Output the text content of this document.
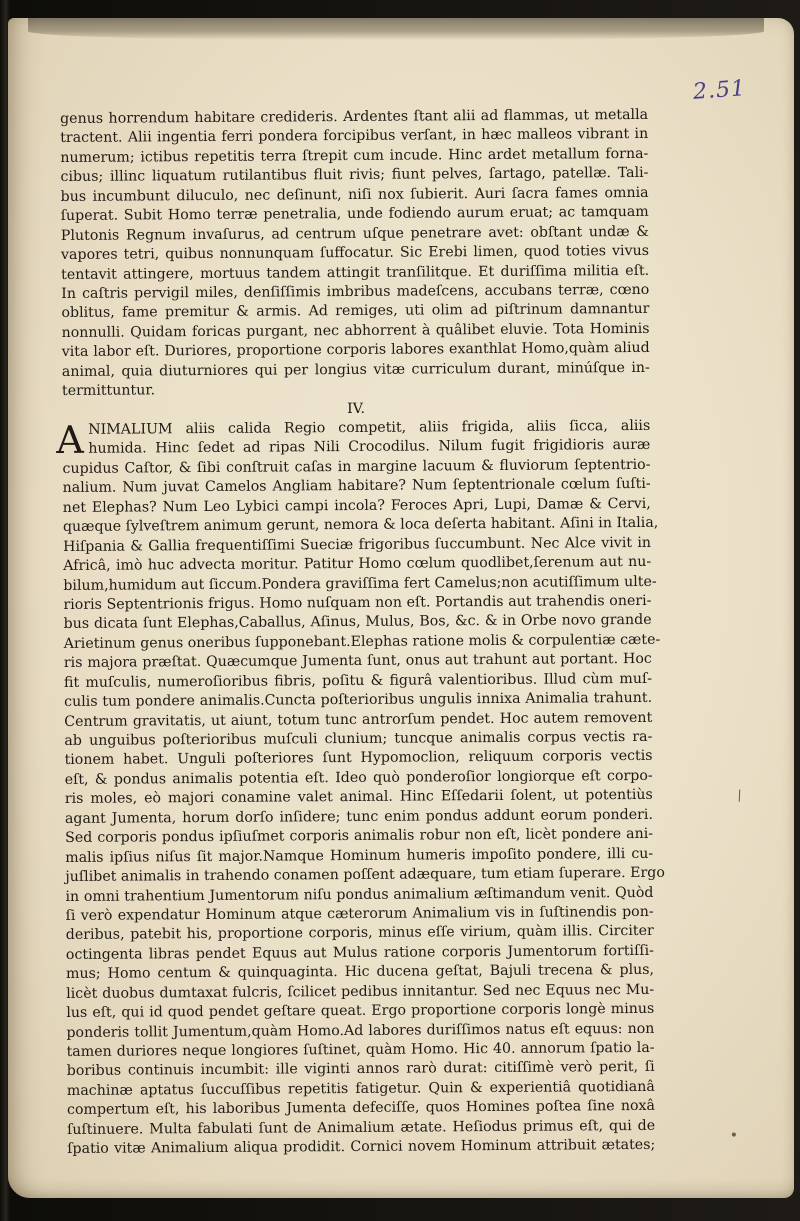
2.51
genus horrendum habitare credideris. Ardentes ſtant alii ad flammas, ut metalla
tractent. Alii ingentia ferri pondera forcipibus verſant, in hæc malleos vibrant in
numerum; ictibus repetitis terra ſtrepit cum incude. Hinc ardet metallum forna-
cibus; illinc liquatum rutilantibus fluit rivis; fiunt pelves, ſartago, patellæ. Tali-
bus incumbunt diluculo, nec deſinunt, niſi nox ſubierit. Auri ſacra fames omnia
ſuperat. Subit Homo terræ penetralia, unde fodiendo aurum eruat; ac tamquam
Plutonis Regnum invaſurus, ad centrum uſque penetrare avet: obſtant undæ &
vapores tetri, quibus nonnunquam ſuffocatur. Sic Erebi limen, quod toties vivus
tentavit attingere, mortuus tandem attingit tranſilitque. Et duriſſima militia eſt.
In caſtris pervigil miles, denſiſſimis imbribus madeſcens, accubans terræ, cœno
oblitus, fame premitur & armis. Ad remiges, uti olim ad piſtrinum damnantur
nonnulli. Quidam foricas purgant, nec abhorrent à quâlibet eluvie. Tota Hominis
vita labor eſt. Duriores, proportione corporis labores exanthlat Homo,quàm aliud
animal, quia diuturniores qui per longius vitæ curriculum durant, minúſque in-
termittuntur.
IV.
A NIMALIUM aliis calida Regio competit, aliis frigida, aliis ſicca, aliis
humida. Hinc ſedet ad ripas Nili Crocodilus. Nilum fugit frigidioris auræ
cupidus Caſtor, & ſibi conſtruit caſas in margine lacuum & fluviorum ſeptentrio-
nalium. Num juvat Camelos Angliam habitare? Num ſeptentrionale cœlum ſuſti-
net Elephas? Num Leo Lybici campi incola? Feroces Apri, Lupi, Damæ & Cervi,
quæque ſylveſtrem animum gerunt, nemora & loca deſerta habitant. Aſini in Italia,
Hiſpania & Gallia frequentiſſimi Sueciæ frigoribus ſuccumbunt. Nec Alce vivit in
Africâ, imò huc advecta moritur. Patitur Homo cœlum quodlibet,ſerenum aut nu-
bilum,humidum aut ſiccum.Pondera graviſſima fert Camelus;non acutiſſimum ulte-
rioris Septentrionis frigus. Homo nuſquam non eſt. Portandis aut trahendis oneri-
bus dicata ſunt Elephas,Caballus, Aſinus, Mulus, Bos, &c. & in Orbe novo grande
Arietinum genus oneribus ſupponebant.Elephas ratione molis & corpulentiæ cæte-
ris majora præſtat. Quæcumque Jumenta ſunt, onus aut trahunt aut portant. Hoc
fit muſculis, numeroſioribus fibris, poſitu & figurâ valentioribus. Illud cùm muſ-
culis tum pondere animalis.Cuncta poſterioribus ungulis innixa Animalia trahunt.
Centrum gravitatis, ut aiunt, totum tunc antrorſum pendet. Hoc autem removent
ab unguibus poſterioribus muſculi clunium; tuncque animalis corpus vectis ra-
tionem habet. Unguli poſteriores ſunt Hypomoclion, reliquum corporis vectis
eſt, & pondus animalis potentia eſt. Ideo quò ponderoſior longiorque eſt corpo-
ris moles, eò majori conamine valet animal. Hinc Eſſedarii ſolent, ut potentiùs
agant Jumenta, horum dorſo inſidere; tunc enim pondus addunt eorum ponderi.
Sed corporis pondus ipſiuſmet corporis animalis robur non eſt, licèt pondere ani-
malis ipſius niſus ſit major.Namque Hominum humeris impoſito pondere, illi cu-
juſlibet animalis in trahendo conamen poſſent adæquare, tum etiam ſuperare. Ergo
in omni trahentium Jumentorum niſu pondus animalium æſtimandum venit. Quòd
ſi verò expendatur Hominum atque cæterorum Animalium vis in ſuſtinendis pon-
deribus, patebit his, proportione corporis, minus eſſe virium, quàm illis. Circiter
octingenta libras pendet Equus aut Mulus ratione corporis Jumentorum fortiſſi-
mus; Homo centum & quinquaginta. Hic ducena geſtat, Bajuli trecena & plus,
licèt duobus dumtaxat fulcris, ſcilicet pedibus innitantur. Sed nec Equus nec Mu-
lus eſt, qui id quod pendet geſtare queat. Ergo proportione corporis longè minus
ponderis tollit Jumentum,quàm Homo.Ad labores duriſſimos natus eſt equus: non
tamen duriores neque longiores ſuſtinet, quàm Homo. Hic 40. annorum ſpatio la-
boribus continuis incumbit: ille viginti annos rarò durat: citiſſimè verò perit, ſi
machinæ aptatus ſuccuſſibus repetitis fatigetur. Quin & experientiâ quotidianâ
compertum eſt, his laboribus Jumenta defeciſſe, quos Homines poſtea ſine noxâ
ſuſtinuere. Multa fabulati ſunt de Animalium ætate. Heſiodus primus eſt, qui de
ſpatio vitæ Animalium aliqua prodidit. Cornici novem Hominum attribuit ætates;
\
•
